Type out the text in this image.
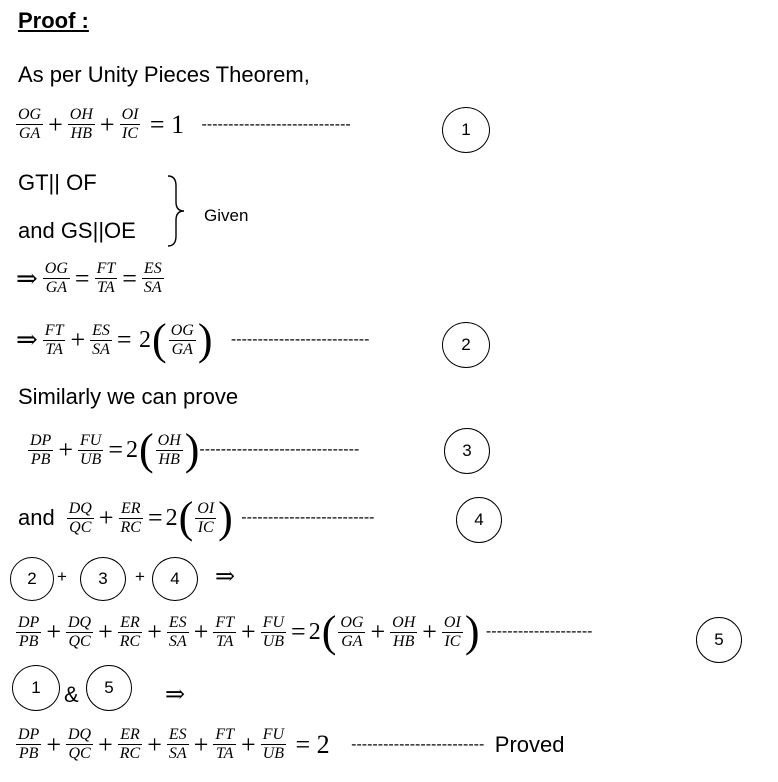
Proof :
As per Unity Pieces Theorem,
$\frac{OG}{GA} + \frac{OH}{HB} + \frac{OI}{IC} = 1$ ----------------------------	1
GT|| OF
and GS||OE
Given
⇒ $\frac{OG}{GA} = \frac{FT}{TA} = \frac{ES}{SA}$
⇒ $\frac{FT}{TA} + \frac{ES}{SA} = 2( \frac{OG}{GA}$ ) --------------------------	2
Similarly we can prove
$\frac{DP}{PB} + \frac{FU}{UB} = 2( \frac{OH}{HB}$ )------------------------------	3
and $\frac{DQ}{QC} + \frac{ER}{RC} = 2( \frac{OI}{IC}$ ) -------------------------	4
2	+	3	+	4	⇒
$\frac{DP}{PB} + \frac{DQ}{QC} + \frac{ER}{RC} + \frac{ES}{SA} + \frac{FT}{TA} + \frac{FU}{UB} = 2( \frac{OG}{GA} + \frac{OH}{HB} + \frac{OI}{IC}$ ) --------------------	5
1	&	5	⇒
$\frac{DP}{PB} + \frac{DQ}{QC} + \frac{ER}{RC} + \frac{ES}{SA} + \frac{FT}{TA} + \frac{FU}{UB} = 2$ ------------------------- Proved
